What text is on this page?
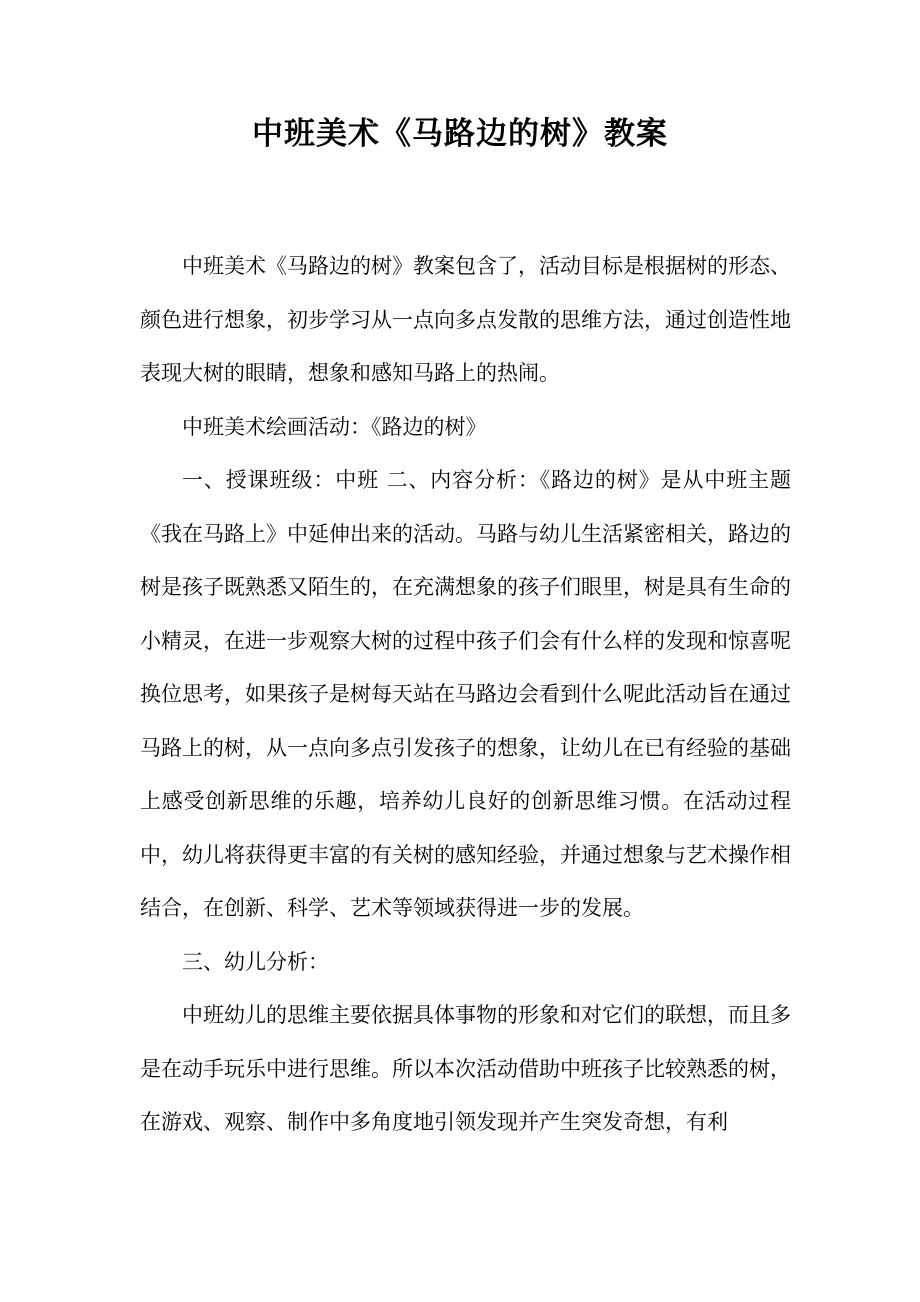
中班美术《马路边的树》教案

中班美术《马路边的树》教案包含了，活动目标是根据树的形态、颜色进行想象，初步学习从一点向多点发散的思维方法，通过创造性地表现大树的眼睛，想象和感知马路上的热闹。

中班美术绘画活动：《路边的树》

一、授课班级：中班 二、内容分析：《路边的树》是从中班主题《我在马路上》中延伸出来的活动。马路与幼儿生活紧密相关，路边的树是孩子既熟悉又陌生的，在充满想象的孩子们眼里，树是具有生命的小精灵，在进一步观察大树的过程中孩子们会有什么样的发现和惊喜呢换位思考，如果孩子是树每天站在马路边会看到什么呢此活动旨在通过马路上的树，从一点向多点引发孩子的想象，让幼儿在已有经验的基础上感受创新思维的乐趣，培养幼儿良好的创新思维习惯。在活动过程中，幼儿将获得更丰富的有关树的感知经验，并通过想象与艺术操作相结合，在创新、科学、艺术等领域获得进一步的发展。

三、幼儿分析：

中班幼儿的思维主要依据具体事物的形象和对它们的联想，而且多是在动手玩乐中进行思维。所以本次活动借助中班孩子比较熟悉的树，在游戏、观察、制作中多角度地引领发现并产生突发奇想，有利
